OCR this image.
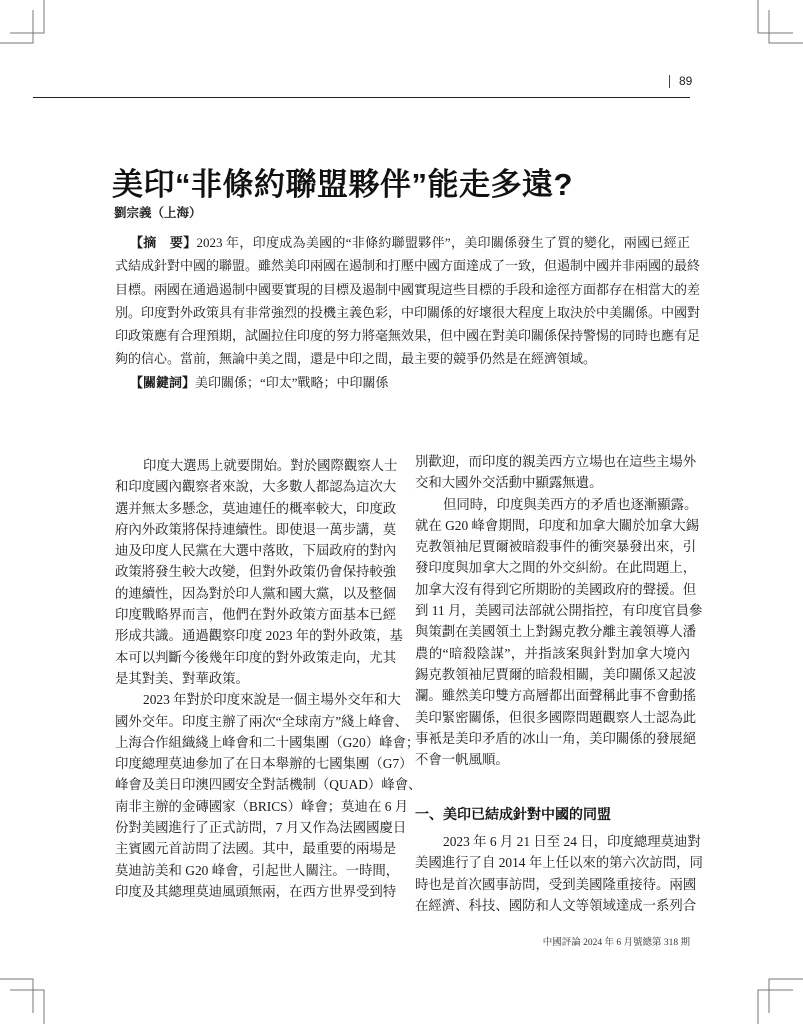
89
美印“非條約聯盟夥伴”能走多遠?
劉宗義（上海）
【摘　要】2023 年，印度成為美國的“非條約聯盟夥伴”，美印關係發生了質的變化，兩國已經正
式結成針對中國的聯盟。雖然美印兩國在遏制和打壓中國方面達成了一致，但遏制中國并非兩國的最終
目標。兩國在通過遏制中國要實現的目標及遏制中國實現這些目標的手段和途徑方面都存在相當大的差
別。印度對外政策具有非常強烈的投機主義色彩，中印關係的好壞很大程度上取決於中美關係。中國對
印政策應有合理預期，試圖拉住印度的努力將毫無效果，但中國在對美印關係保持警惕的同時也應有足
夠的信心。當前，無論中美之間，還是中印之間，最主要的競爭仍然是在經濟領域。
【關鍵詞】美印關係；“印太”戰略；中印關係
印度大選馬上就要開始。對於國際觀察人士
和印度國內觀察者來說，大多數人都認為這次大
選并無太多懸念，莫迪連任的概率較大，印度政
府內外政策將保持連續性。即使退一萬步講，莫
迪及印度人民黨在大選中落敗，下屆政府的對內
政策將發生較大改變，但對外政策仍會保持較強
的連續性，因為對於印人黨和國大黨，以及整個
印度戰略界而言，他們在對外政策方面基本已經
形成共識。通過觀察印度 2023 年的對外政策，基
本可以判斷今後幾年印度的對外政策走向，尤其
是其對美、對華政策。
2023 年對於印度來說是一個主場外交年和大
國外交年。印度主辦了兩次“全球南方”綫上峰會、
上海合作組織綫上峰會和二十國集團（G20）峰會；
印度總理莫迪參加了在日本舉辦的七國集團（G7）
峰會及美日印澳四國安全對話機制（QUAD）峰會、
南非主辦的金磚國家（BRICS）峰會；莫迪在 6 月
份對美國進行了正式訪問，7 月又作為法國國慶日
主賓國元首訪問了法國。其中，最重要的兩場是
莫迪訪美和 G20 峰會，引起世人關注。一時間，
印度及其總理莫迪風頭無兩，在西方世界受到特
別歡迎，而印度的親美西方立場也在這些主場外
交和大國外交活動中顯露無遺。
但同時，印度與美西方的矛盾也逐漸顯露。
就在 G20 峰會期間，印度和加拿大關於加拿大錫
克教領袖尼賈爾被暗殺事件的衝突暴發出來，引
發印度與加拿大之間的外交糾紛。在此問題上，
加拿大沒有得到它所期盼的美國政府的聲援。但
到 11 月，美國司法部就公開指控，有印度官員參
與策劃在美國領土上對錫克教分離主義領導人潘
農的“暗殺陰謀”，并指該案與針對加拿大境內
錫克教領袖尼賈爾的暗殺相關，美印關係又起波
瀾。雖然美印雙方高層都出面聲稱此事不會動搖
美印緊密關係，但很多國際問題觀察人士認為此
事衹是美印矛盾的冰山一角，美印關係的發展絕
不會一帆風順。
一、美印已結成針對中國的同盟
2023 年 6 月 21 日至 24 日，印度總理莫迪對
美國進行了自 2014 年上任以來的第六次訪問，同
時也是首次國事訪問，受到美國隆重接待。兩國
在經濟、科技、國防和人文等領域達成一系列合
中國評論 2024 年 6 月號總第 318 期
